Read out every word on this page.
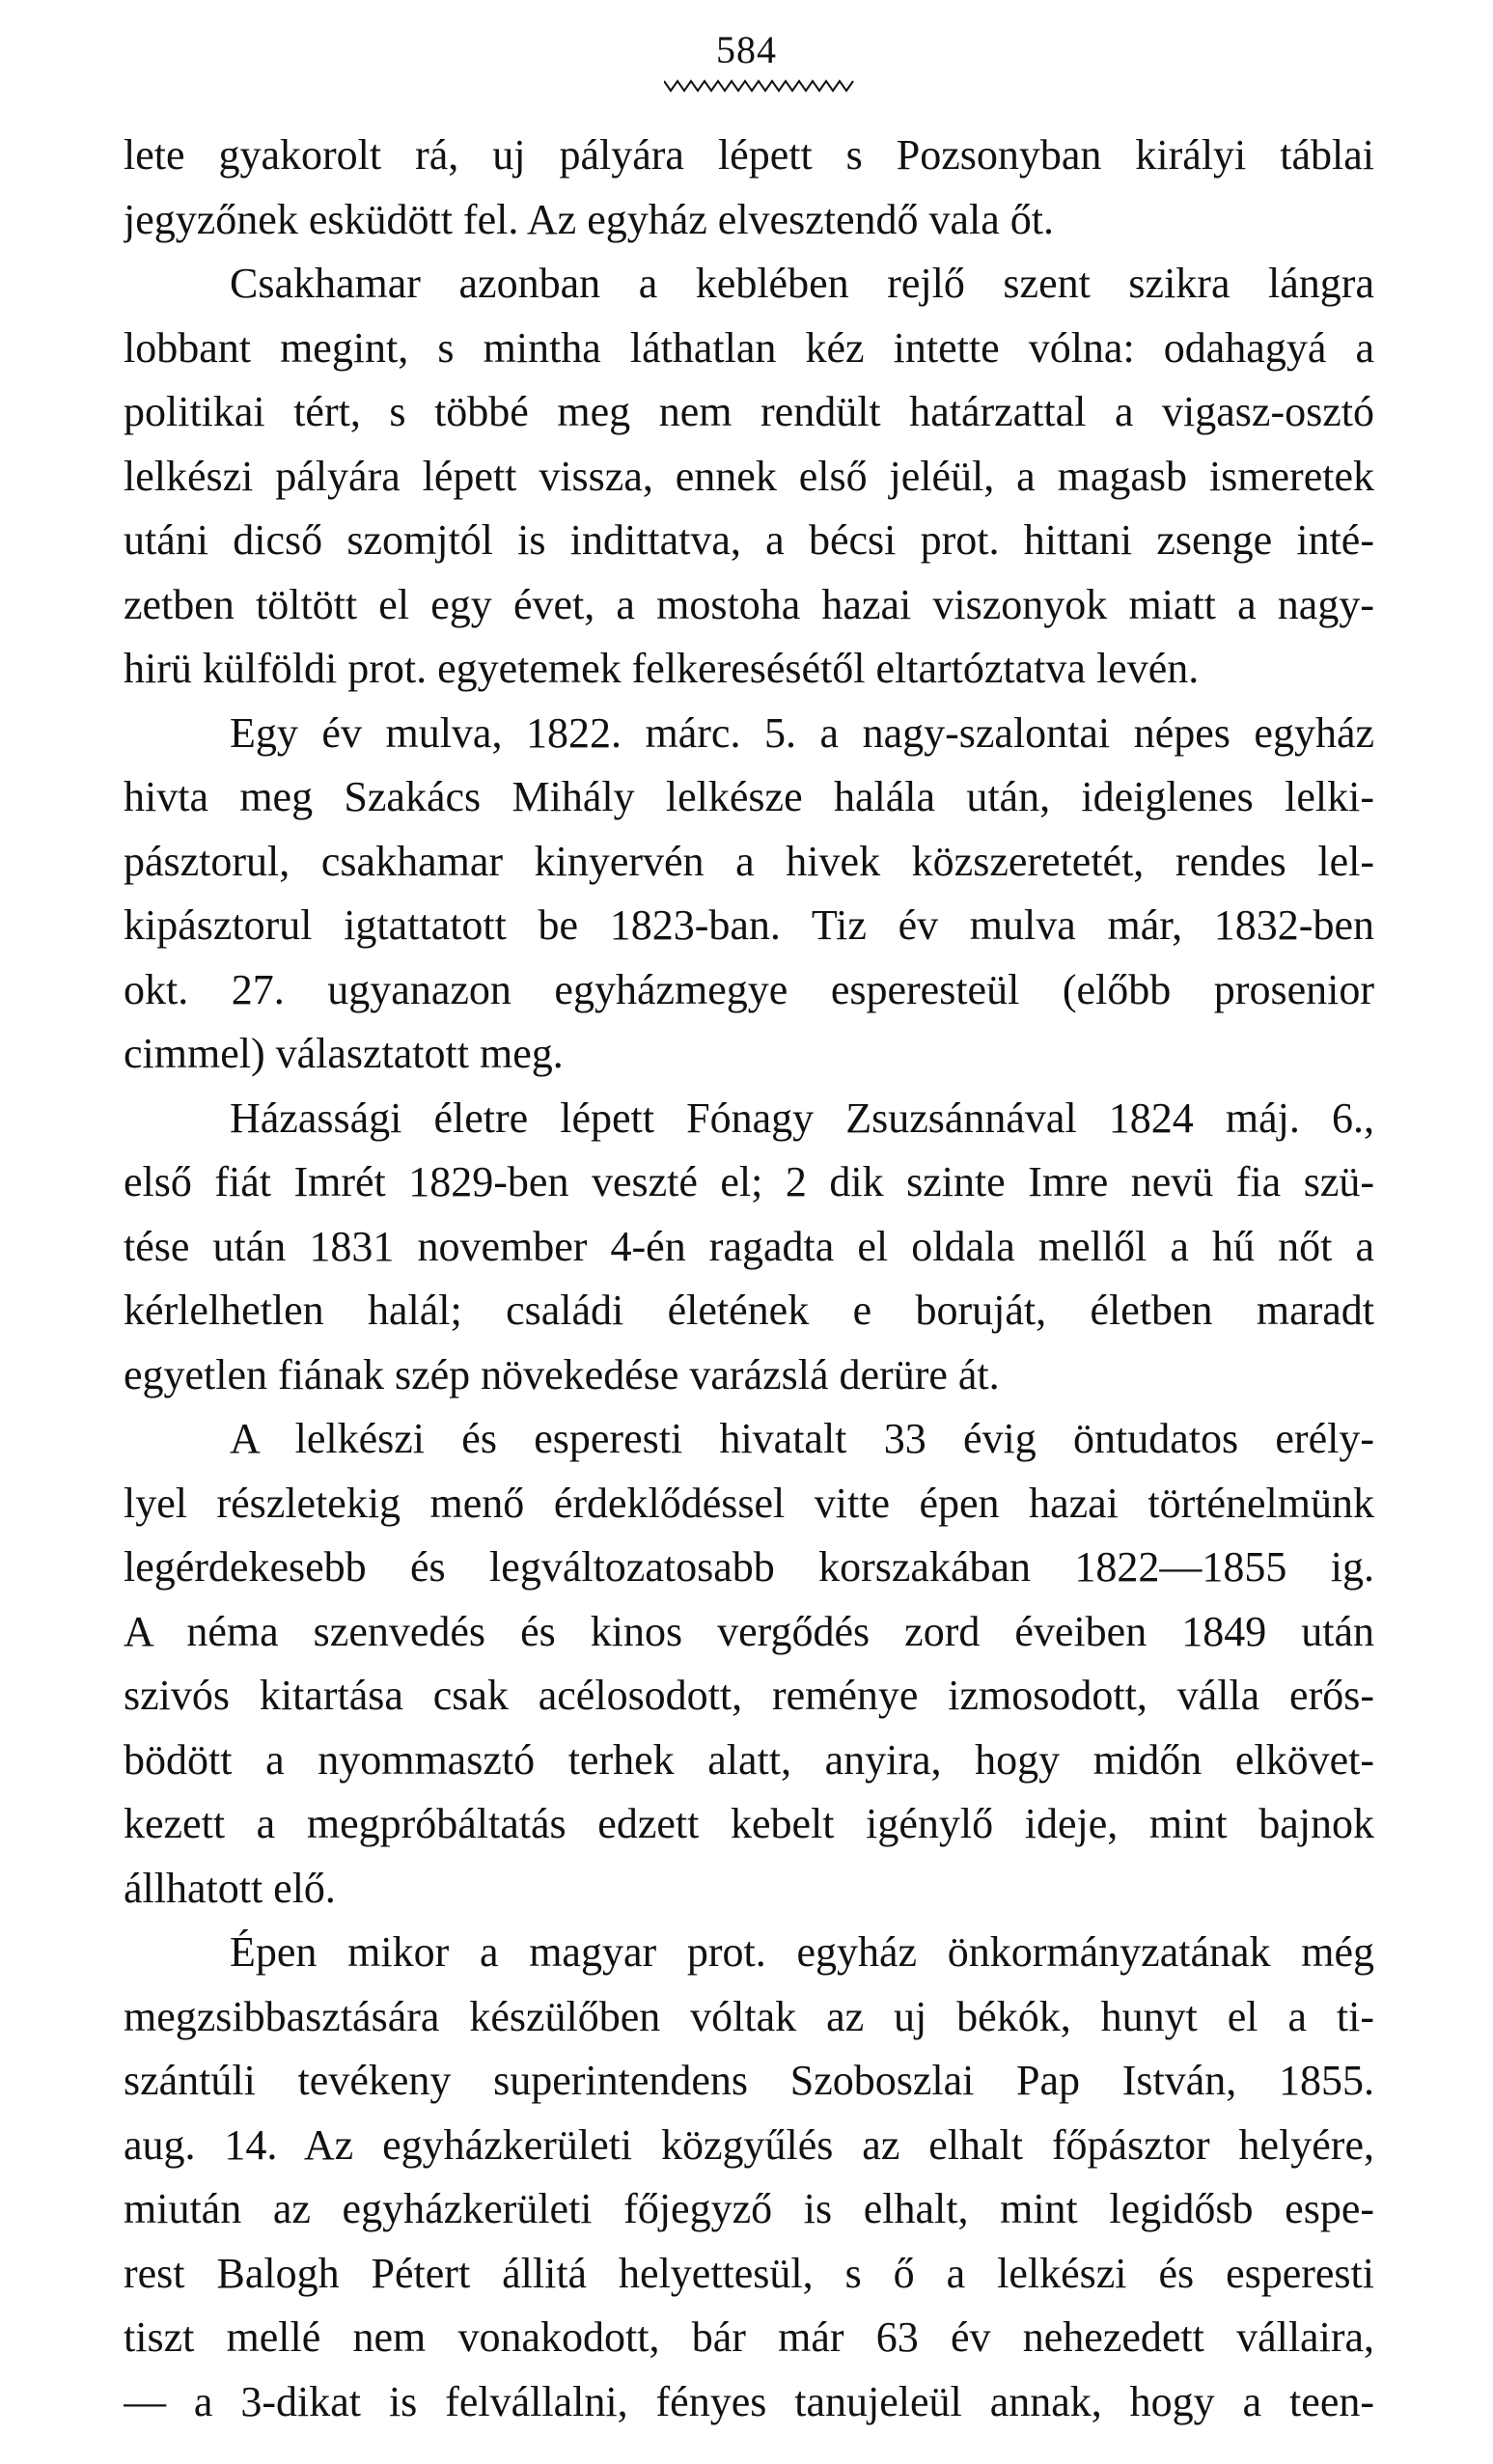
584
lete gyakorolt rá, uj pályára lépett s Pozsonyban királyi táblai
jegyzőnek esküdött fel. Az egyház elvesztendő vala őt.
Csakhamar azonban a keblében rejlő szent szikra lángra
lobbant megint, s mintha láthatlan kéz intette vólna: odahagyá a
politikai tért, s többé meg nem rendült határzattal a vigasz-osztó
lelkészi pályára lépett vissza, ennek első jeléül, a magasb ismeretek
utáni dicső szomjtól is indittatva, a bécsi prot. hittani zsenge inté-
zetben töltött el egy évet, a mostoha hazai viszonyok miatt a nagy-
hirü külföldi prot. egyetemek felkeresésétől eltartóztatva levén.
Egy év mulva, 1822. márc. 5. a nagy-szalontai népes egyház
hivta meg Szakács Mihály lelkésze halála után, ideiglenes lelki-
pásztorul, csakhamar kinyervén a hivek közszeretetét, rendes lel-
kipásztorul igtattatott be 1823-ban. Tiz év mulva már, 1832-ben
okt. 27. ugyanazon egyházmegye esperesteül (előbb prosenior
cimmel) választatott meg.
Házassági életre lépett Fónagy Zsuzsánnával 1824 máj. 6.,
első fiát Imrét 1829-ben veszté el; 2 dik szinte Imre nevü fia szü-
tése után 1831 november 4-én ragadta el oldala mellől a hű nőt a
kérlelhetlen halál; családi életének e boruját, életben maradt
egyetlen fiának szép növekedése varázslá derüre át.
A lelkészi és esperesti hivatalt 33 évig öntudatos erély-
lyel részletekig menő érdeklődéssel vitte épen hazai történelmünk
legérdekesebb és legváltozatosabb korszakában 1822—1855 ig.
A néma szenvedés és kinos vergődés zord éveiben 1849 után
szivós kitartása csak acélosodott, reménye izmosodott, válla erős-
bödött a nyommasztó terhek alatt, anyira, hogy midőn elkövet-
kezett a megpróbáltatás edzett kebelt igénylő ideje, mint bajnok
állhatott elő.
Épen mikor a magyar prot. egyház önkormányzatának még
megzsibbasztására készülőben vóltak az uj békók, hunyt el a ti-
szántúli tevékeny superintendens Szoboszlai Pap István, 1855.
aug. 14. Az egyházkerületi közgyűlés az elhalt főpásztor helyére,
miután az egyházkerületi főjegyző is elhalt, mint legidősb espe-
rest Balogh Pétert állitá helyettesül, s ő a lelkészi és esperesti
tiszt mellé nem vonakodott, bár már 63 év nehezedett vállaira,
— a 3-dikat is felvállalni, fényes tanujeleül annak, hogy a teen-
